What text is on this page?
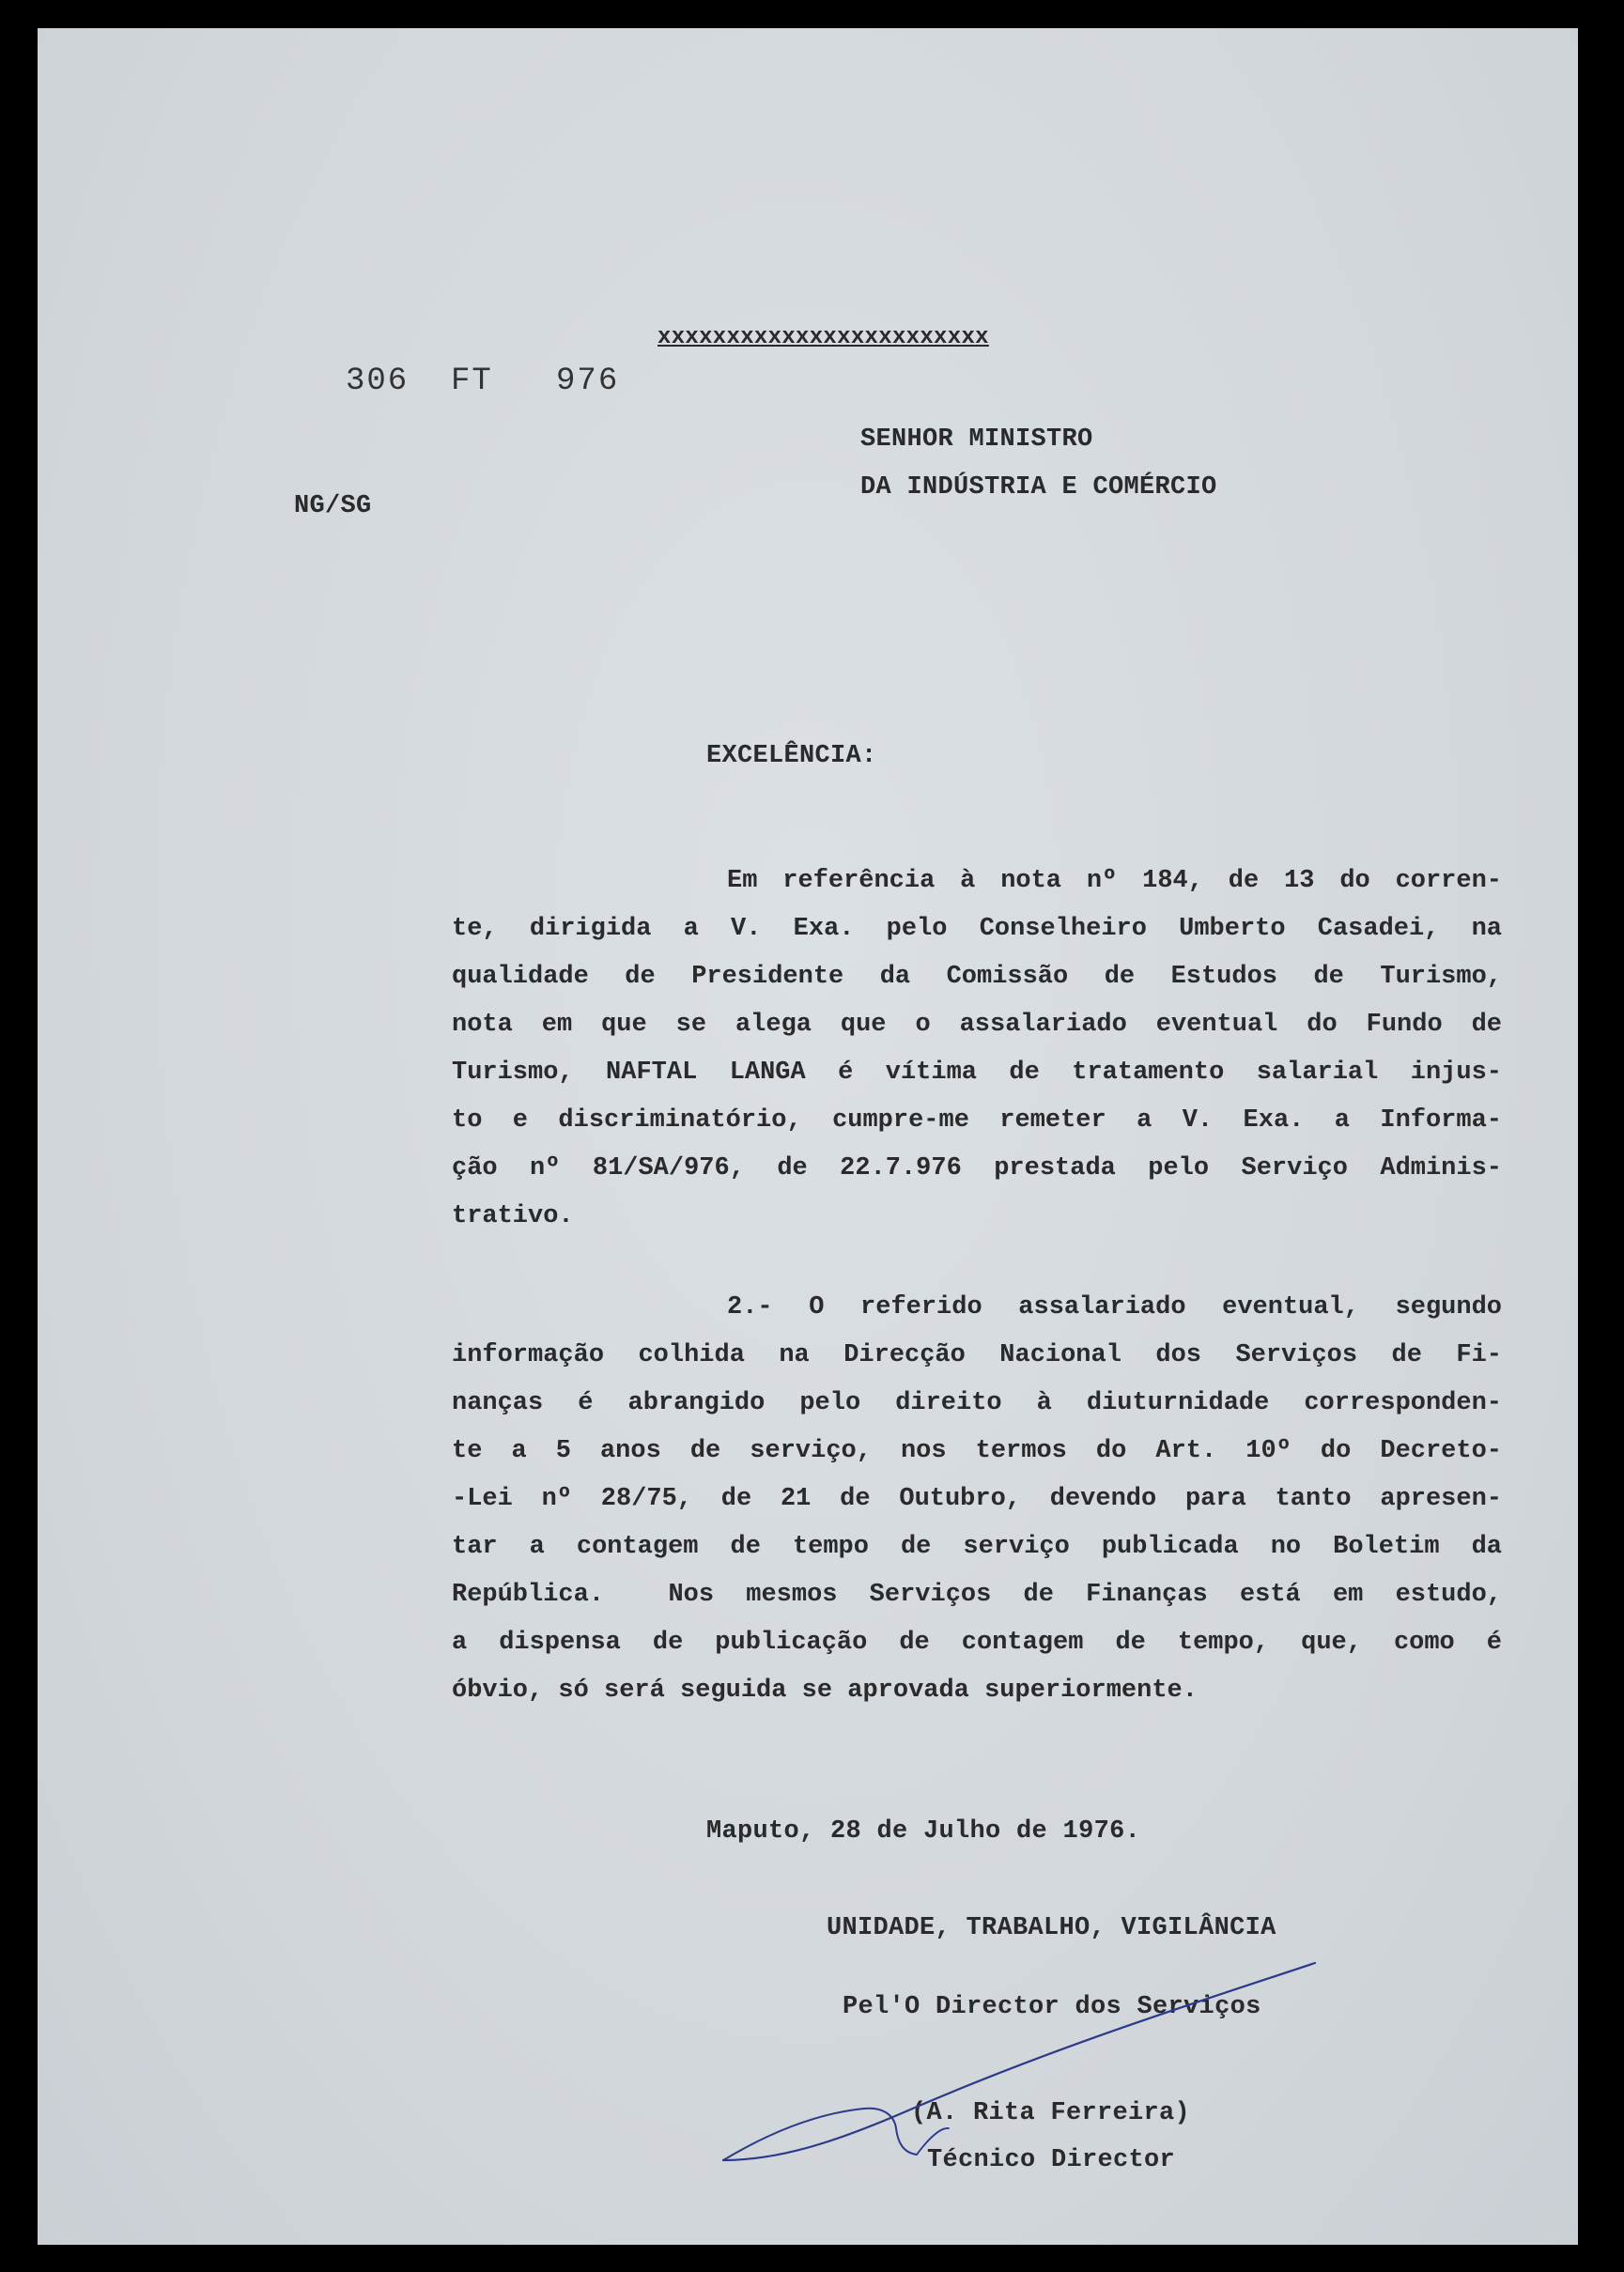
xxxxxxxxxxxxxxxxxxxxxxxx
306  FT   976
SENHOR MINISTRO
DA INDÚSTRIA E COMÉRCIO
NG/SG
EXCELÊNCIA:
Em referência à nota nº 184, de 13 do corren-
te, dirigida a V. Exa. pelo Conselheiro Umberto Casadei, na
qualidade de Presidente da Comissão de Estudos de Turismo,
nota em que se alega que o assalariado eventual do Fundo de
Turismo, NAFTAL LANGA é vítima de tratamento salarial injus-
to e discriminatório, cumpre-me remeter a V. Exa. a Informa-
ção nº 81/SA/976, de 22.7.976 prestada pelo Serviço Adminis-
trativo.
2.- O referido assalariado eventual, segundo
informação colhida na Direcção Nacional dos Serviços de Fi-
nanças é abrangido pelo direito à diuturnidade corresponden-
te a 5 anos de serviço, nos termos do Art. 10º do Decreto-
-Lei nº 28/75, de 21 de Outubro, devendo para tanto apresen-
tar a contagem de tempo de serviço publicada no Boletim da
República.  Nos mesmos Serviços de Finanças está em estudo,
a dispensa de publicação de contagem de tempo, que, como é
óbvio, só será seguida se aprovada superiormente.
Maputo, 28 de Julho de 1976.
UNIDADE, TRABALHO, VIGILÂNCIA
Pel'O Director dos Serviços
(A. Rita Ferreira)
Técnico Director
